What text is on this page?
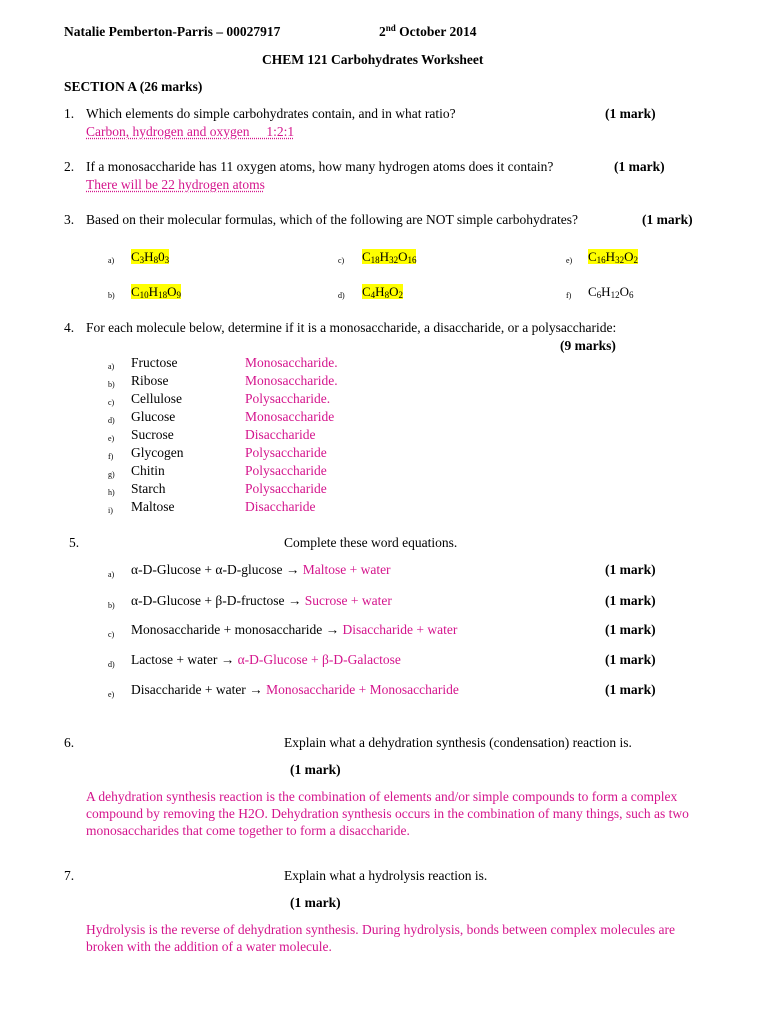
Natalie Pemberton-Parris – 00027917	2nd October 2014
CHEM 121 Carbohydrates Worksheet
SECTION A (26 marks)
1. Which elements do simple carbohydrates contain, and in what ratio?	(1 mark)
Carbon, hydrogen and oxygen     1:2:1
2. If a monosaccharide has 11 oxygen atoms, how many hydrogen atoms does it contain?	(1 mark)
There will be 22 hydrogen atoms
3. Based on their molecular formulas, which of the following are NOT simple carbohydrates?	(1 mark)
a) $C_3H_80_3$	c) $C_{18}H_{32}O_{16}$	e) $C_{16}H_{32}O_2$
b) $C_{10}H_{18}O_9$	d) $C_4H_8O_2$	f) $C_6H_{12}O_6$
4. For each molecule below, determine if it is a monosaccharide, a disaccharide, or a polysaccharide:
(9 marks)
a) Fructose	Monosaccharide.
b) Ribose	Monosaccharide.
c) Cellulose	Polysaccharide.
d) Glucose	Monosaccharide
e) Sucrose	Disaccharide
f) Glycogen	Polysaccharide
g) Chitin	Polysaccharide
h) Starch	Polysaccharide
i) Maltose	Disaccharide
5.	Complete these word equations.
a) α-D-Glucose + α-D-glucose → Maltose + water	(1 mark)
b) α-D-Glucose + β-D-fructose → Sucrose + water	(1 mark)
c) Monosaccharide + monosaccharide → Disaccharide + water	(1 mark)
d) Lactose + water → α-D-Glucose + β-D-Galactose	(1 mark)
e) Disaccharide + water → Monosaccharide + Monosaccharide	(1 mark)
6.	Explain what a dehydration synthesis (condensation) reaction is.
(1 mark)
A dehydration synthesis reaction is the combination of elements and/or simple compounds to form a complex compound by removing the H2O. Dehydration synthesis occurs in the combination of many things, such as two monosaccharides that come together to form a disaccharide.
7.	Explain what a hydrolysis reaction is.
(1 mark)
Hydrolysis is the reverse of dehydration synthesis. During hydrolysis, bonds between complex molecules are broken with the addition of a water molecule.
